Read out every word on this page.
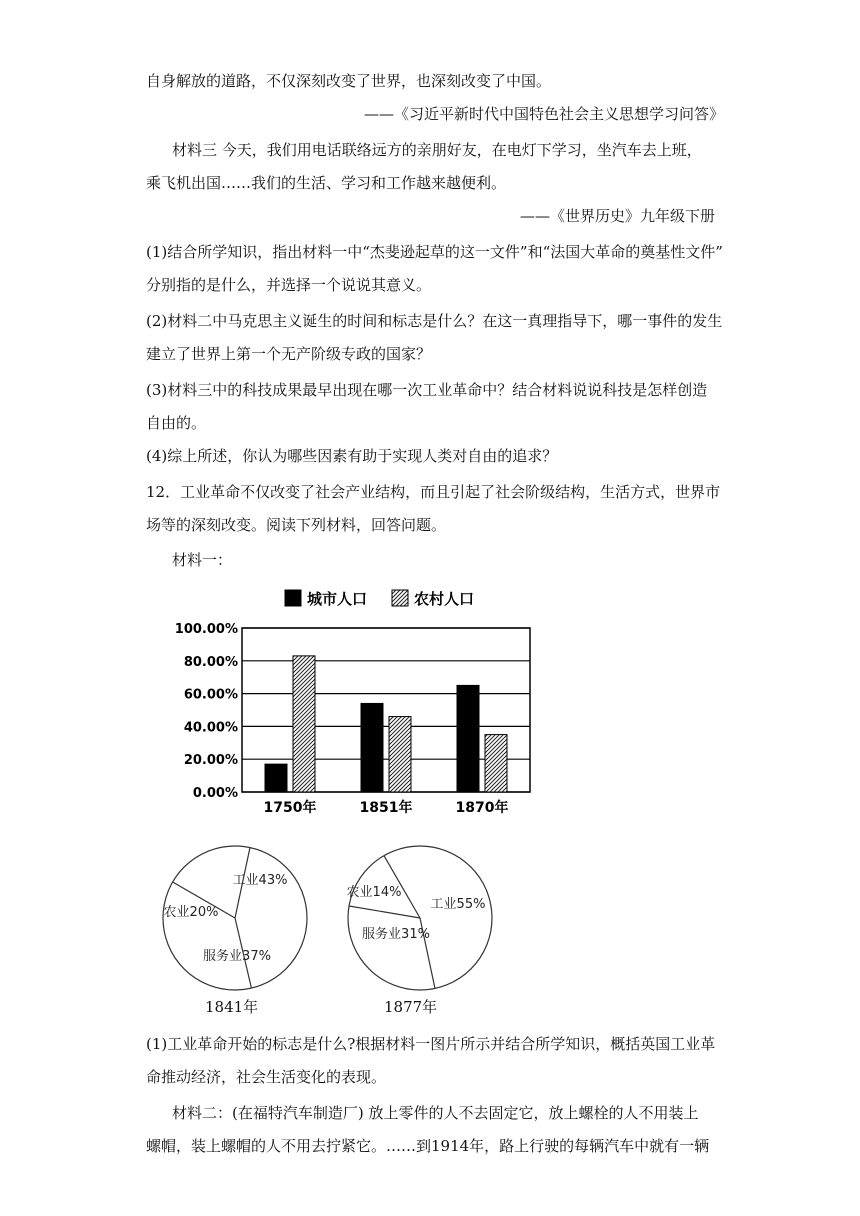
自身解放的道路，不仅深刻改变了世界，也深刻改变了中国。
——《习近平新时代中国特色社会主义思想学习问答》
材料三 今天，我们用电话联络远方的亲朋好友，在电灯下学习，坐汽车去上班，
乘飞机出国……我们的生活、学习和工作越来越便利。
——《世界历史》九年级下册
(1)结合所学知识，指出材料一中“杰斐逊起草的这一文件”和“法国大革命的奠基性文件”
分别指的是什么，并选择一个说说其意义。
(2)材料二中马克思主义诞生的时间和标志是什么？在这一真理指导下，哪一事件的发生
建立了世界上第一个无产阶级专政的国家？
(3)材料三中的科技成果最早出现在哪一次工业革命中？结合材料说说科技是怎样创造
自由的。
(4)综上所述，你认为哪些因素有助于实现人类对自由的追求？
12．工业革命不仅改变了社会产业结构，而且引起了社会阶级结构，生活方式，世界市
场等的深刻改变。阅读下列材料，回答问题。
材料一：
城市人口	农村人口
0.00%
20.00%
40.00%
60.00%
80.00%
100.00%
1750年	1851年	1870年
工业43%
服务业37%
农业20%
1841年
工业55%
服务业31%
农业14%
1877年
(1)工业革命开始的标志是什么?根据材料一图片所示并结合所学知识，概括英国工业革
命推动经济，社会生活变化的表现。
材料二：(在福特汽车制造厂) 放上零件的人不去固定它，放上螺栓的人不用装上
螺帽，装上螺帽的人不用去拧紧它。……到1914年，路上行驶的每辆汽车中就有一辆
